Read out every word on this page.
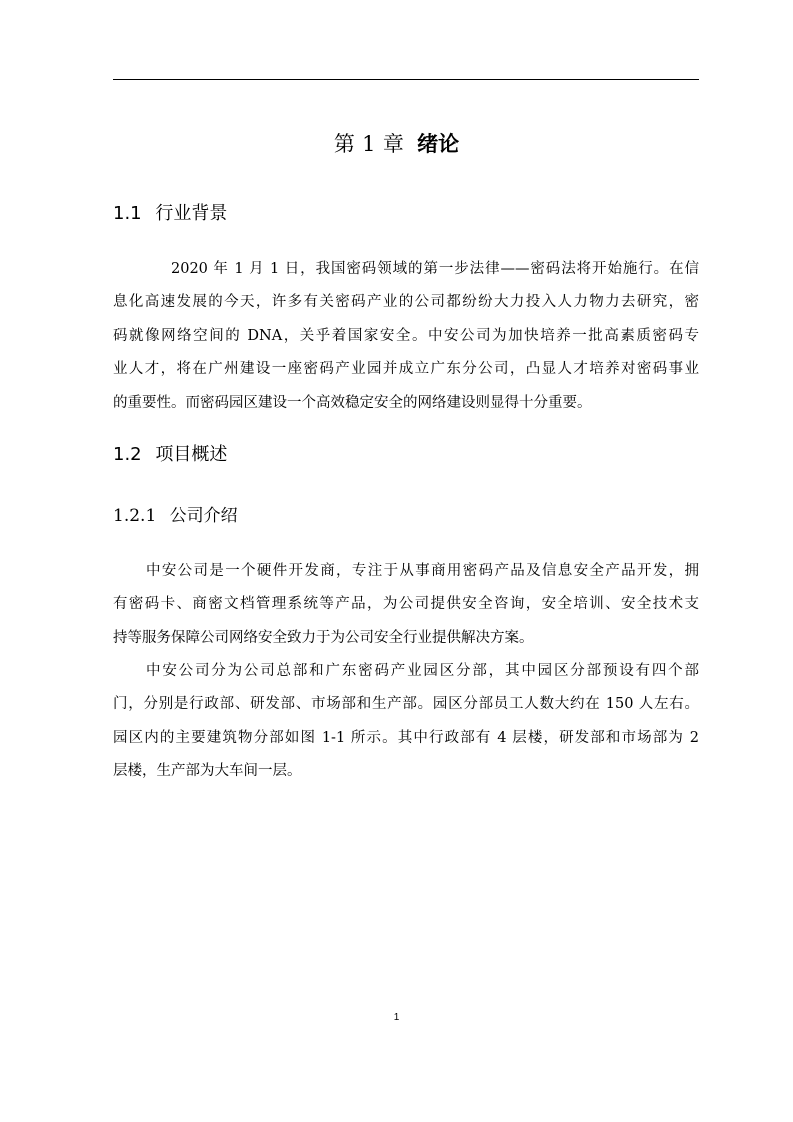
第 1 章 绪论
1.1 行业背景
2020 年 1 月 1 日，我国密码领域的第一步法律——密码法将开始施行。在信
息化高速发展的今天，许多有关密码产业的公司都纷纷大力投入人力物力去研究，密
码就像网络空间的 DNA，关乎着国家安全。中安公司为加快培养一批高素质密码专
业人才，将在广州建设一座密码产业园并成立广东分公司，凸显人才培养对密码事业
的重要性。而密码园区建设一个高效稳定安全的网络建设则显得十分重要。
1.2 项目概述
1.2.1 公司介绍
中安公司是一个硬件开发商，专注于从事商用密码产品及信息安全产品开发，拥
有密码卡、商密文档管理系统等产品，为公司提供安全咨询，安全培训、安全技术支
持等服务保障公司网络安全致力于为公司安全行业提供解决方案。
中安公司分为公司总部和广东密码产业园区分部，其中园区分部预设有四个部
门，分别是行政部、研发部、市场部和生产部。园区分部员工人数大约在 150 人左右。
园区内的主要建筑物分部如图 1-1 所示。其中行政部有 4 层楼，研发部和市场部为 2
层楼，生产部为大车间一层。
1
